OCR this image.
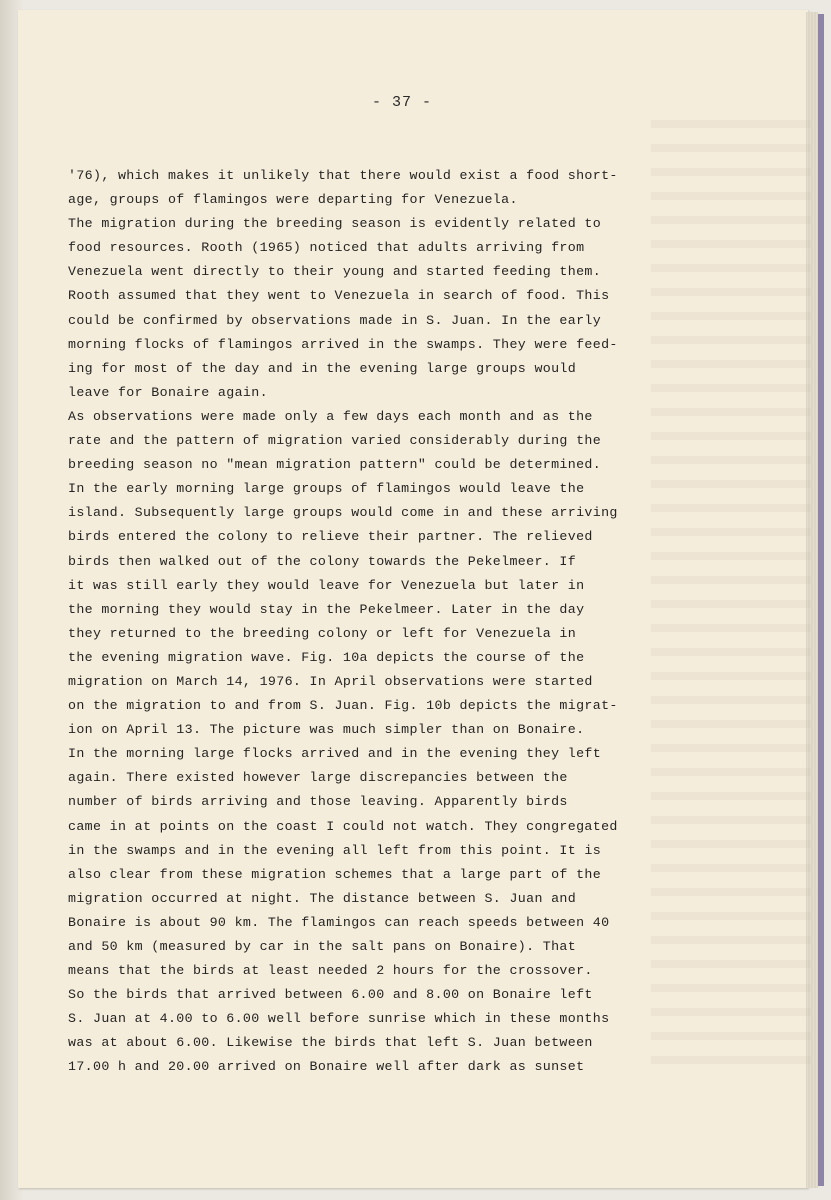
- 37 -
'76), which makes it unlikely that there would exist a food short-
age, groups of flamingos were departing for Venezuela.
The migration during the breeding season is evidently related to
food resources. Rooth (1965) noticed that adults arriving from
Venezuela went directly to their young and started feeding them.
Rooth assumed that they went to Venezuela in search of food. This
could be confirmed by observations made in S. Juan. In the early
morning flocks of flamingos arrived in the swamps. They were feed-
ing for most of the day and in the evening large groups would
leave for Bonaire again.
As observations were made only a few days each month and as the
rate and the pattern of migration varied considerably during the
breeding season no "mean migration pattern" could be determined.
In the early morning large groups of flamingos would leave the
island. Subsequently large groups would come in and these arriving
birds entered the colony to relieve their partner. The relieved
birds then walked out of the colony towards the Pekelmeer. If
it was still early they would leave for Venezuela but later in
the morning they would stay in the Pekelmeer. Later in the day
they returned to the breeding colony or left for Venezuela in
the evening migration wave. Fig. 10a depicts the course of the
migration on March 14, 1976. In April observations were started
on the migration to and from S. Juan. Fig. 10b depicts the migrat-
ion on April 13. The picture was much simpler than on Bonaire.
In the morning large flocks arrived and in the evening they left
again. There existed however large discrepancies between the
number of birds arriving and those leaving. Apparently birds
came in at points on the coast I could not watch. They congregated
in the swamps and in the evening all left from this point. It is
also clear from these migration schemes that a large part of the
migration occurred at night. The distance between S. Juan and
Bonaire is about 90 km. The flamingos can reach speeds between 40
and 50 km (measured by car in the salt pans on Bonaire). That
means that the birds at least needed 2 hours for the crossover.
So the birds that arrived between 6.00 and 8.00 on Bonaire left
S. Juan at 4.00 to 6.00 well before sunrise which in these months
was at about 6.00. Likewise the birds that left S. Juan between
17.00 h and 20.00 arrived on Bonaire well after dark as sunset
